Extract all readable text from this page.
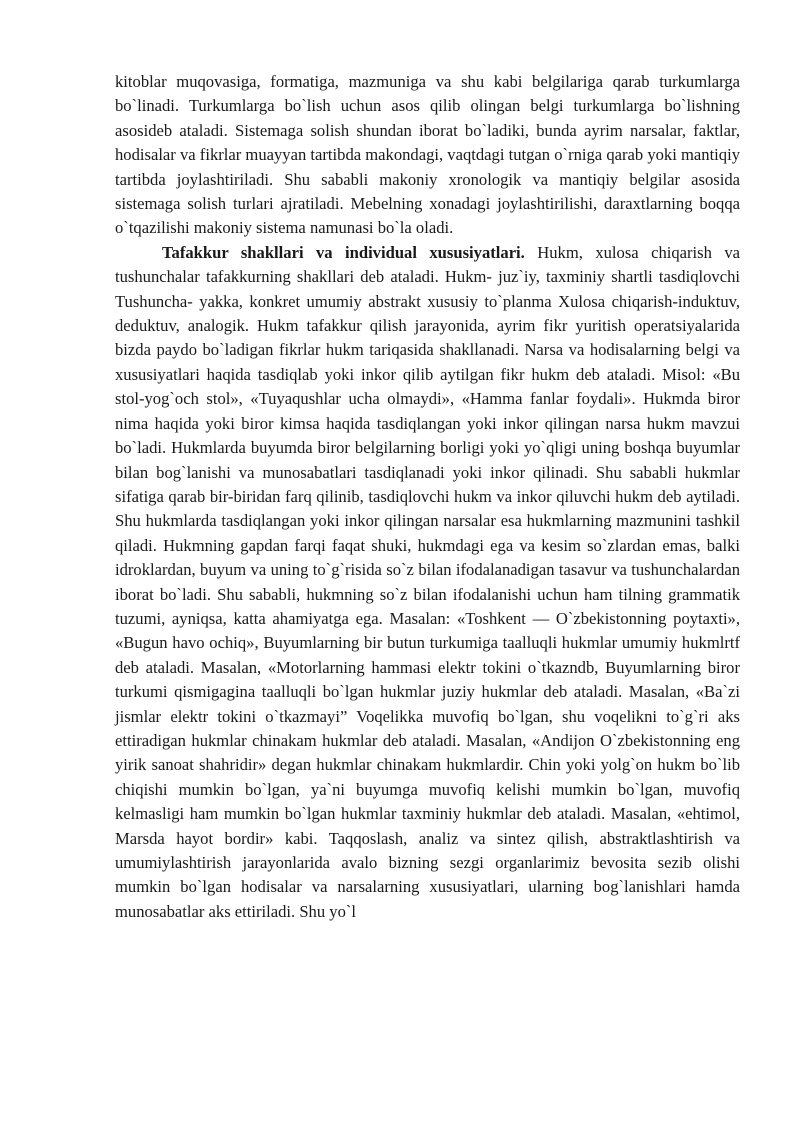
kitoblar muqovasiga, formatiga, mazmuniga va shu kabi belgilariga qarab turkumlarga bo`linadi. Turkumlarga bo`lish uchun asos qilib olingan belgi turkumlarga bo`lishning asosideb ataladi. Sistemaga solish shundan iborat bo`ladiki, bunda ayrim narsalar, faktlar, hodisalar va fikrlar muayyan tartibda makondagi, vaqtdagi tutgan o`rniga qarab yoki mantiqiy tartibda joylashtiriladi. Shu sababli makoniy xronologik va mantiqiy belgilar asosida sistemaga solish turlari ajratiladi. Mebelning xonadagi joylashtirilishi, daraxtlarning boqqa o`tqazilishi makoniy sistema namunasi bo`la oladi.

Tafakkur shakllari va individual xususiyatlari. Hukm, xulosa chiqarish va tushunchalar tafakkurning shakllari deb ataladi. Hukm- juz`iy, taxminiy shartli tasdiqlovchi Tushuncha- yakka, konkret umumiy abstrakt xususiy to`planma Xulosa chiqarish-induktuv, deduktuv, analogik. Hukm tafakkur qilish jarayonida, ayrim fikr yuritish operatsiyalarida bizda paydo bo`ladigan fikrlar hukm tariqasida shakllanadi. Narsa va hodisalarning belgi va xususiyatlari haqida tasdiqlab yoki inkor qilib aytilgan fikr hukm deb ataladi. Misol: «Bu stol-yog`och stol», «Tuyaqushlar ucha olmaydi», «Hamma fanlar foydali». Hukmda biror nima haqida yoki biror kimsa haqida tasdiqlangan yoki inkor qilingan narsa hukm mavzui bo`ladi. Hukmlarda buyumda biror belgilarning borligi yoki yo`qligi uning boshqa buyumlar bilan bog`lanishi va munosabatlari tasdiqlanadi yoki inkor qilinadi. Shu sababli hukmlar sifatiga qarab bir-biridan farq qilinib, tasdiqlovchi hukm va inkor qiluvchi hukm deb aytiladi. Shu hukmlarda tasdiqlangan yoki inkor qilingan narsalar esa hukmlarning mazmunini tashkil qiladi. Hukmning gapdan farqi faqat shuki, hukmdagi ega va kesim so`zlardan emas, balki idroklardan, buyum va uning to`g`risida so`z bilan ifodalanadigan tasavur va tushunchalardan iborat bo`ladi. Shu sababli, hukmning so`z bilan ifodalanishi uchun ham tilning grammatik tuzumi, ayniqsa, katta ahamiyatga ega. Masalan: «Toshkent — O`zbekistonning poytaxti», «Bugun havo ochiq», Buyumlarning bir butun turkumiga taalluqli hukmlar umumiy hukmlrtf deb ataladi. Masalan, «Motorlarning hammasi elektr tokini o`tkazndb, Buyumlarning biror turkumi qismigagina taalluqli bo`lgan hukmlar juziy hukmlar deb ataladi. Masalan, «Ba`zi jismlar elektr tokini o`tkazmayi” Voqelikka muvofiq bo`lgan, shu voqelikni to`g`ri aks ettiradigan hukmlar chinakam hukmlar deb ataladi. Masalan, «Andijon O`zbekistonning eng yirik sanoat shahridir» degan hukmlar chinakam hukmlardir. Chin yoki yolg`on hukm bo`lib chiqishi mumkin bo`lgan, ya`ni buyumga muvofiq kelishi mumkin bo`lgan, muvofiq kelmasligi ham mumkin bo`lgan hukmlar taxminiy hukmlar deb ataladi. Masalan, «ehtimol, Marsda hayot bordir» kabi. Taqqoslash, analiz va sintez qilish, abstraktlashtirish va umumiylashtirish jarayonlarida avalo bizning sezgi organlarimiz bevosita sezib olishi mumkin bo`lgan hodisalar va narsalarning xususiyatlari, ularning bog`lanishlari hamda munosabatlar aks ettiriladi. Shu yo`l
